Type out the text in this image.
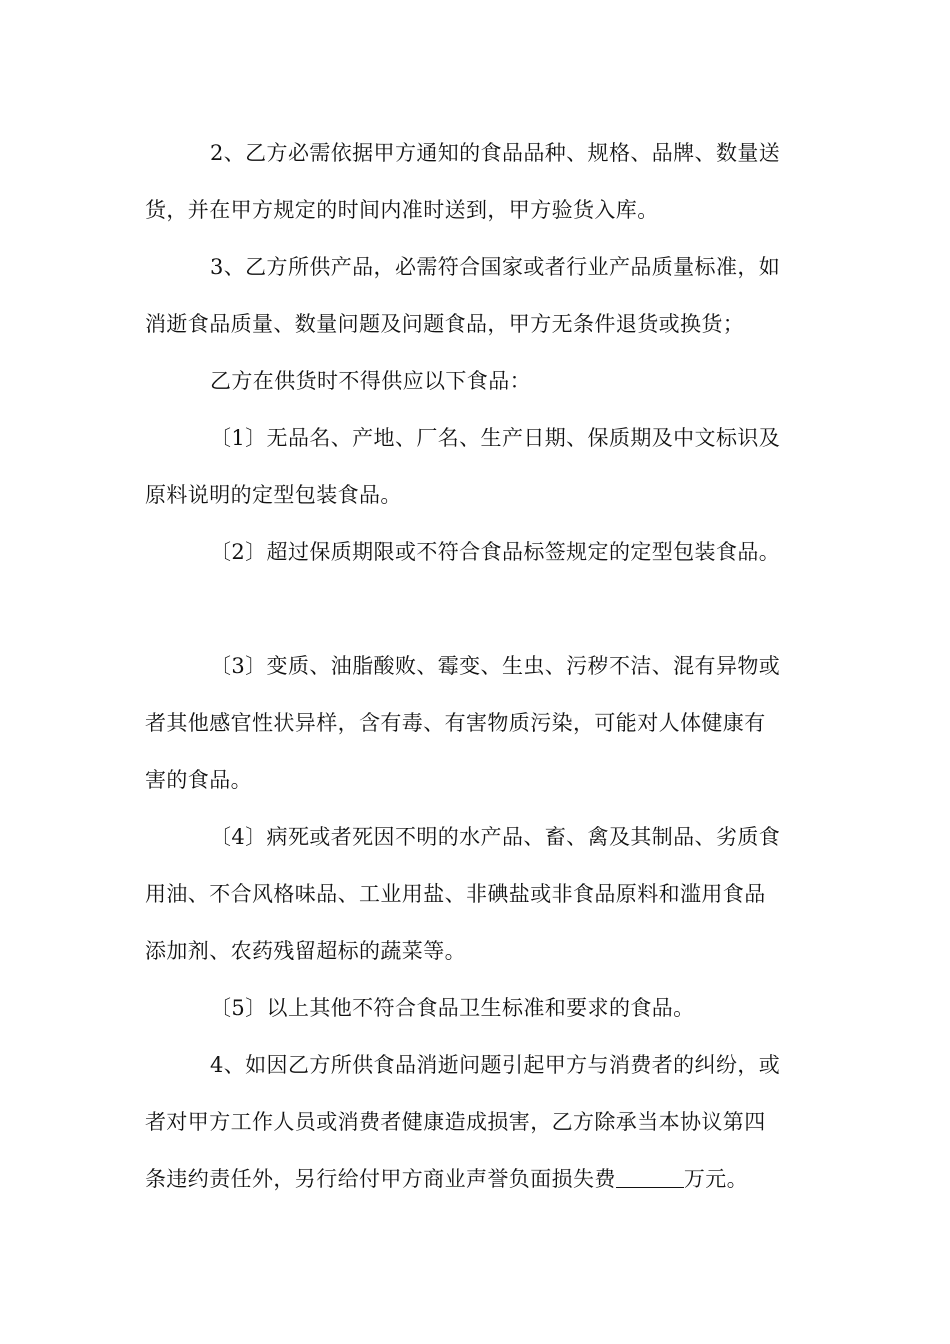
2、乙方必需依据甲方通知的食品品种、规格、品牌、数量送
货，并在甲方规定的时间内准时送到，甲方验货入库。
3、乙方所供产品，必需符合国家或者行业产品质量标准，如
消逝食品质量、数量问题及问题食品，甲方无条件退货或换货；
乙方在供货时不得供应以下食品：
〔1〕无品名、产地、厂名、生产日期、保质期及中文标识及
原料说明的定型包装食品。
〔2〕超过保质期限或不符合食品标签规定的定型包装食品。
〔3〕变质、油脂酸败、霉变、生虫、污秽不洁、混有异物或
者其他感官性状异样，含有毒、有害物质污染，可能对人体健康有
害的食品。
〔4〕病死或者死因不明的水产品、畜、禽及其制品、劣质食
用油、不合风格味品、工业用盐、非碘盐或非食品原料和滥用食品
添加剂、农药残留超标的蔬菜等。
〔5〕以上其他不符合食品卫生标准和要求的食品。
4、如因乙方所供食品消逝问题引起甲方与消费者的纠纷，或
者对甲方工作人员或消费者健康造成损害，乙方除承当本协议第四
条违约责任外，另行给付甲方商业声誉负面损失费	万元。
